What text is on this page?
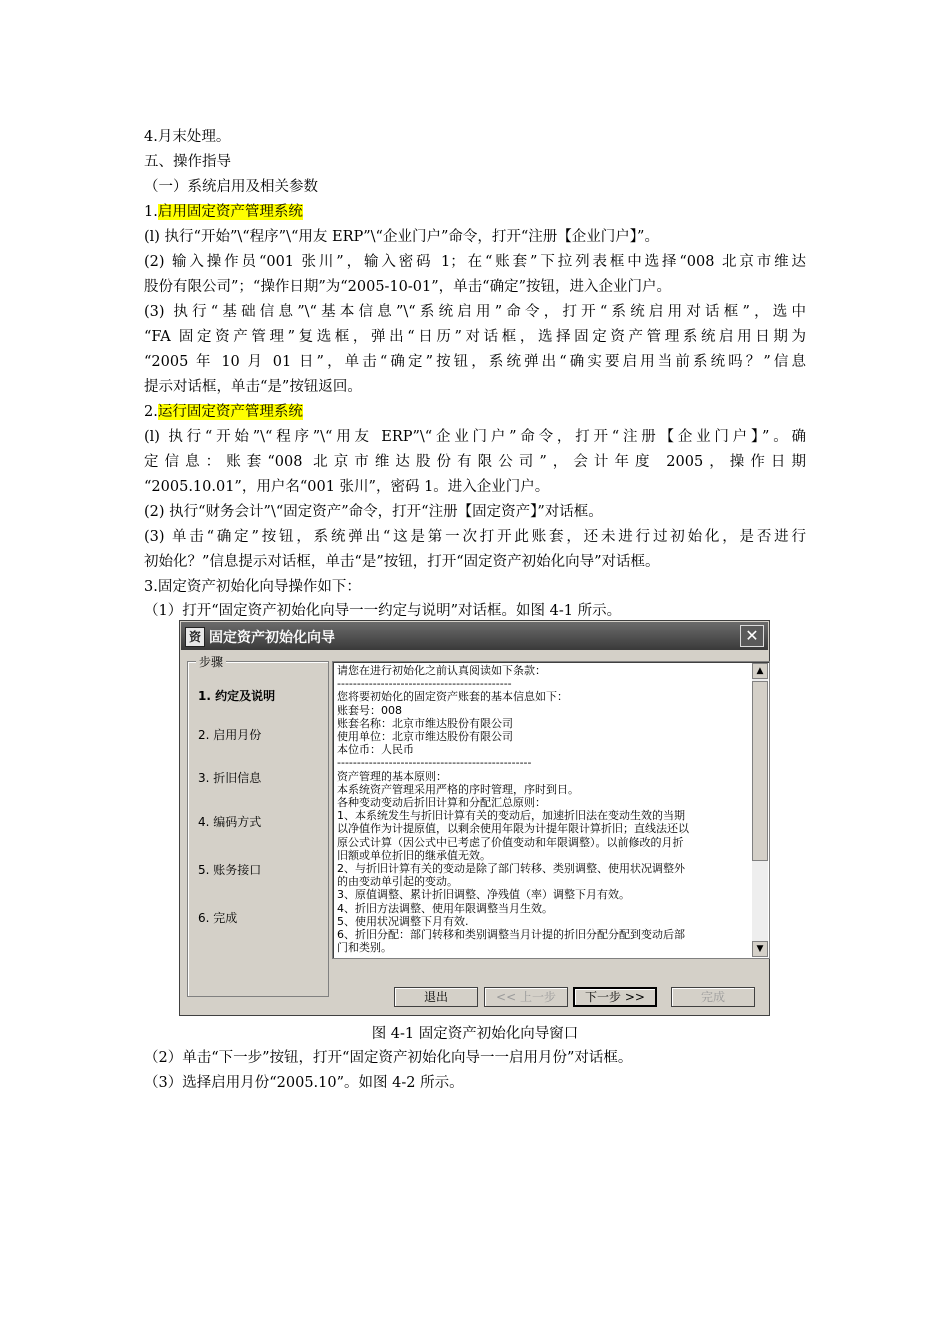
4.月末处理。
五、操作指导
（一）系统启用及相关参数
1.启用固定资产管理系统
(l) 执行“开始”\“程序”\“用友 ERP”\“企业门户”命令，打开“注册【企业门户】”。
(2) 输入操作员“001 张川”，输入密码 1；在“账套”下拉列表框中选择“008 北京市维达
股份有限公司”；“操作日期”为“2005-10-01”，单击“确定”按钮，进入企业门户。
(3) 执行“基础信息”\“基本信息”\“系统启用”命令，打开“系统启用对话框”，选中
“FA 固定资产管理”复选框，弹出“日历”对话框，选择固定资产管理系统启用日期为
“2005 年 10 月 01 日”，单击“确定”按钮，系统弹出“确实要启用当前系统吗？”信息
提示对话框，单击“是”按钮返回。
2.运行固定资产管理系统
(l) 执行“开始”\“程序”\“用友 ERP”\“企业门户”命令，打开“注册【企业门户】”。确
定信息：账套“008 北京市维达股份有限公司”，会计年度 2005，操作日期
“2005.10.01”，用户名“001 张川”，密码 1。进入企业门户。
(2) 执行“财务会计”\“固定资产”命令，打开“注册【固定资产】”对话框。
(3) 单击“确定”按钮，系统弹出“这是第一次打开此账套，还未进行过初始化，是否进行
初始化？”信息提示对话框，单击“是”按钮，打开“固定资产初始化向导”对话框。
3.固定资产初始化向导操作如下：
（1）打开“固定资产初始化向导一一约定与说明”对话框。如图 4-1 所示。
资 固定资产初始化向导	✕
步骤
1. 约定及说明
2. 启用月份
3. 折旧信息
4. 编码方式
5. 账务接口
6. 完成
请您在进行初始化之前认真阅读如下条款：
--------------------------------------------
您将要初始化的固定资产账套的基本信息如下：
账套号：008
账套名称：北京市维达股份有限公司
使用单位：北京市维达股份有限公司
本位币：人民币
-------------------------------------------------
资产管理的基本原则：
本系统资产管理采用严格的序时管理，序时到日。
各种变动变动后折旧计算和分配汇总原则：
1、本系统发生与折旧计算有关的变动后，加速折旧法在变动生效的当期
以净值作为计提原值，以剩余使用年限为计提年限计算折旧；直线法还以
原公式计算（因公式中已考虑了价值变动和年限调整）。以前修改的月折
旧额或单位折旧的继承值无效。
2、与折旧计算有关的变动是除了部门转移、类别调整、使用状况调整外
的由变动单引起的变动。
3、原值调整、累计折旧调整、净残值（率）调整下月有效。
4、折旧方法调整、使用年限调整当月生效。
5、使用状况调整下月有效.
6、折旧分配：部门转移和类别调整当月计提的折旧分配分配到变动后部
门和类别。
▲
▼
退出	<< 上一步	下一步 >>	完成
图 4-1 固定资产初始化向导窗口
（2）单击“下一步”按钮，打开“固定资产初始化向导一一启用月份”对话框。
（3）选择启用月份“2005.10”。如图 4-2 所示。
